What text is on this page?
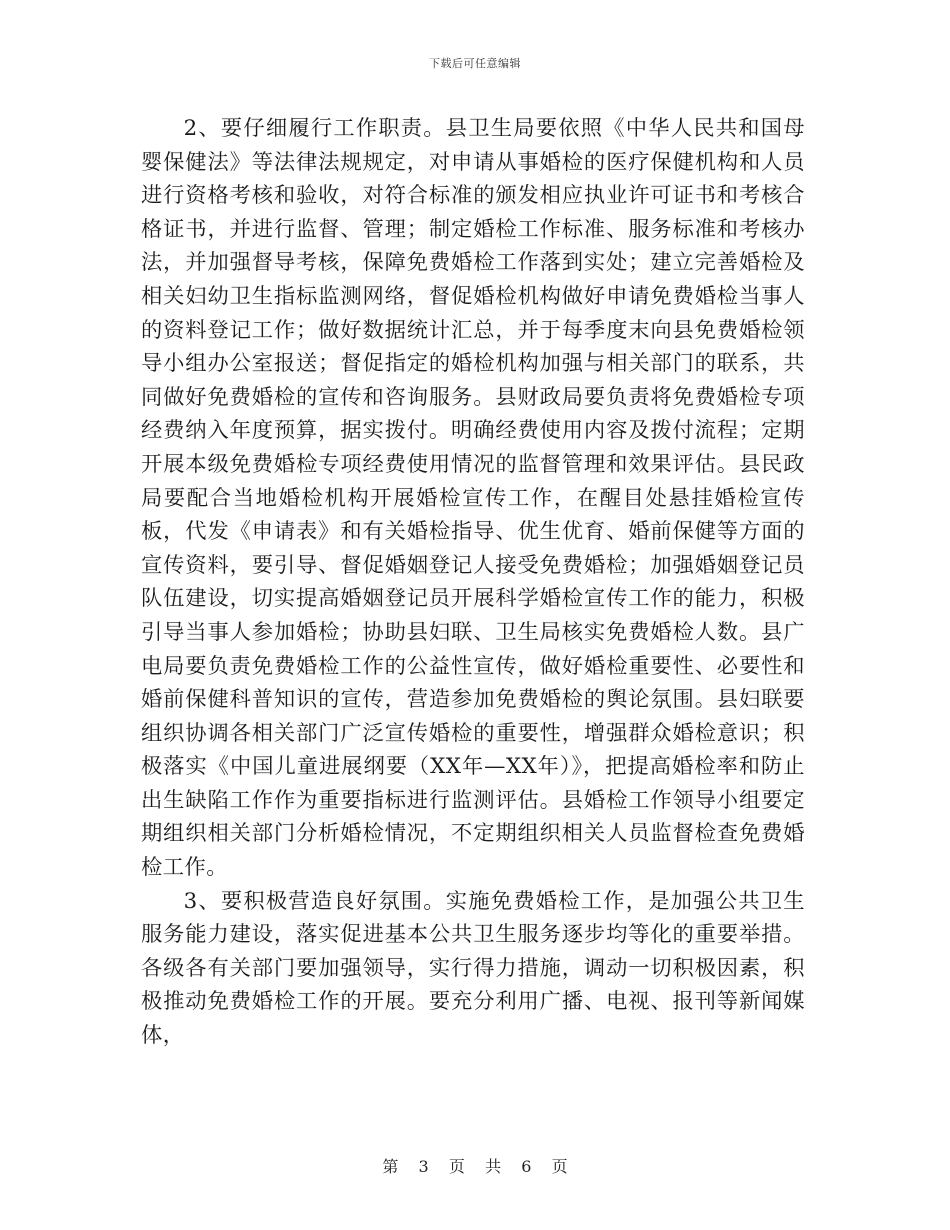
下载后可任意编辑

2、要仔细履行工作职责。县卫生局要依照《中华人民共和国母婴保健法》等法律法规规定，对申请从事婚检的医疗保健机构和人员进行资格考核和验收，对符合标准的颁发相应执业许可证书和考核合格证书，并进行监督、管理；制定婚检工作标准、服务标准和考核办法，并加强督导考核，保障免费婚检工作落到实处；建立完善婚检及相关妇幼卫生指标监测网络，督促婚检机构做好申请免费婚检当事人的资料登记工作；做好数据统计汇总，并于每季度末向县免费婚检领导小组办公室报送；督促指定的婚检机构加强与相关部门的联系，共同做好免费婚检的宣传和咨询服务。县财政局要负责将免费婚检专项经费纳入年度预算，据实拨付。明确经费使用内容及拨付流程；定期开展本级免费婚检专项经费使用情况的监督管理和效果评估。县民政局要配合当地婚检机构开展婚检宣传工作，在醒目处悬挂婚检宣传板，代发《申请表》和有关婚检指导、优生优育、婚前保健等方面的宣传资料，要引导、督促婚姻登记人接受免费婚检；加强婚姻登记员队伍建设，切实提高婚姻登记员开展科学婚检宣传工作的能力，积极引导当事人参加婚检；协助县妇联、卫生局核实免费婚检人数。县广电局要负责免费婚检工作的公益性宣传，做好婚检重要性、必要性和婚前保健科普知识的宣传，营造参加免费婚检的舆论氛围。县妇联要组织协调各相关部门广泛宣传婚检的重要性，增强群众婚检意识；积极落实《中国儿童进展纲要（XX年—XX年）》，把提高婚检率和防止出生缺陷工作作为重要指标进行监测评估。县婚检工作领导小组要定期组织相关部门分析婚检情况，不定期组织相关人员监督检查免费婚检工作。

3、要积极营造良好氛围。实施免费婚检工作，是加强公共卫生服务能力建设，落实促进基本公共卫生服务逐步均等化的重要举措。各级各有关部门要加强领导，实行得力措施，调动一切积极因素，积极推动免费婚检工作的开展。要充分利用广播、电视、报刊等新闻媒体，

第 3 页 共 6 页
